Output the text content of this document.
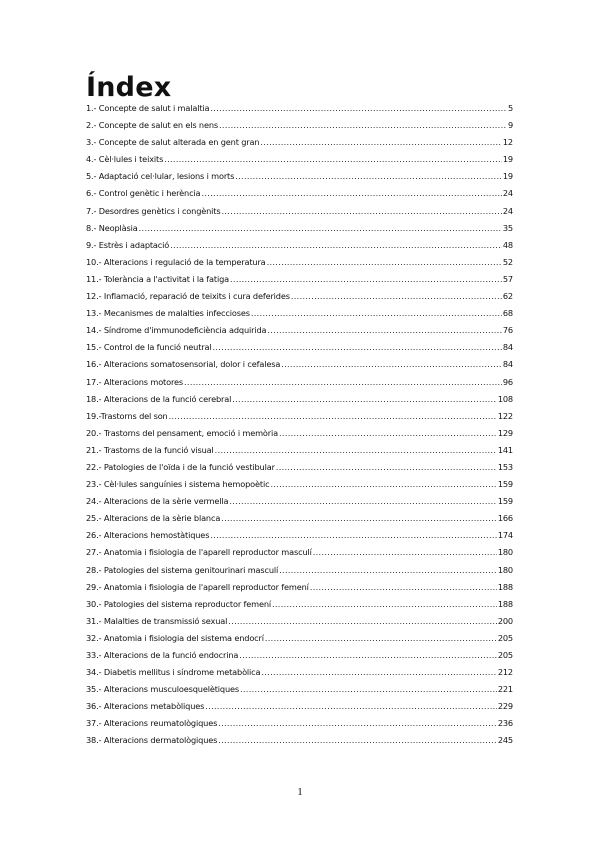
Índex
1.- Concepte de salut i malaltia .....	5
2.- Concepte de salut en els nens .....	9
3.- Concepte de salut alterada en gent gran .....	12
4.- Cèl·lules i teixits .....	19
5.- Adaptació cel·lular, lesions i morts .....	19
6.- Control genètic i herència .....	24
7.- Desordres genètics i congènits .....	24
8.- Neoplàsia .....	35
9.- Estrès i adaptació .....	48
10.- Alteracions i regulació de la temperatura .....	52
11.- Tolerància a l'activitat i la fatiga .....	57
12.- Inflamació, reparació de teixits i cura deferides .....	62
13.- Mecanismes de malalties infeccioses .....	68
14.- Síndrome d'immunodeficiència adquirida .....	76
15.- Control de la funció neutral .....	84
16.- Alteracions somatosensorial, dolor i cefalesa .....	84
17.- Alteracions motores .....	96
18.- Alteracions de la funció cerebral .....	108
19.-Trastorns del son .....	122
20.- Trastorns del pensament, emoció i memòria .....	129
21.- Trastorns de la funció visual .....	141
22.- Patologies de l'oïda i de la funció vestibular .....	153
23.- Cèl·lules sanguínies i sistema hemopoètic .....	159
24.- Alteracions de la sèrie vermella .....	159
25.- Alteracions de la sèrie blanca .....	166
26.- Alteracions hemostàtiques .....	174
27.- Anatomia i fisiologia de l'aparell reproductor masculí .....	180
28.- Patologies del sistema genitourinari masculí .....	180
29.- Anatomia i fisiologia de l'aparell reproductor femení .....	188
30.- Patologies del sistema reproductor femení .....	188
31.- Malalties de transmissió sexual .....	200
32.- Anatomia i fisiologia del sistema endocrí .....	205
33.- Alteracions de la funció endocrina .....	205
34.- Diabetis mellitus i síndrome metabòlica .....	212
35.- Alteracions musculoesquelètiques .....	221
36.- Alteracions metabòliques .....	229
37.- Alteracions reumatològiques .....	236
38.- Alteracions dermatològiques .....	245
1
